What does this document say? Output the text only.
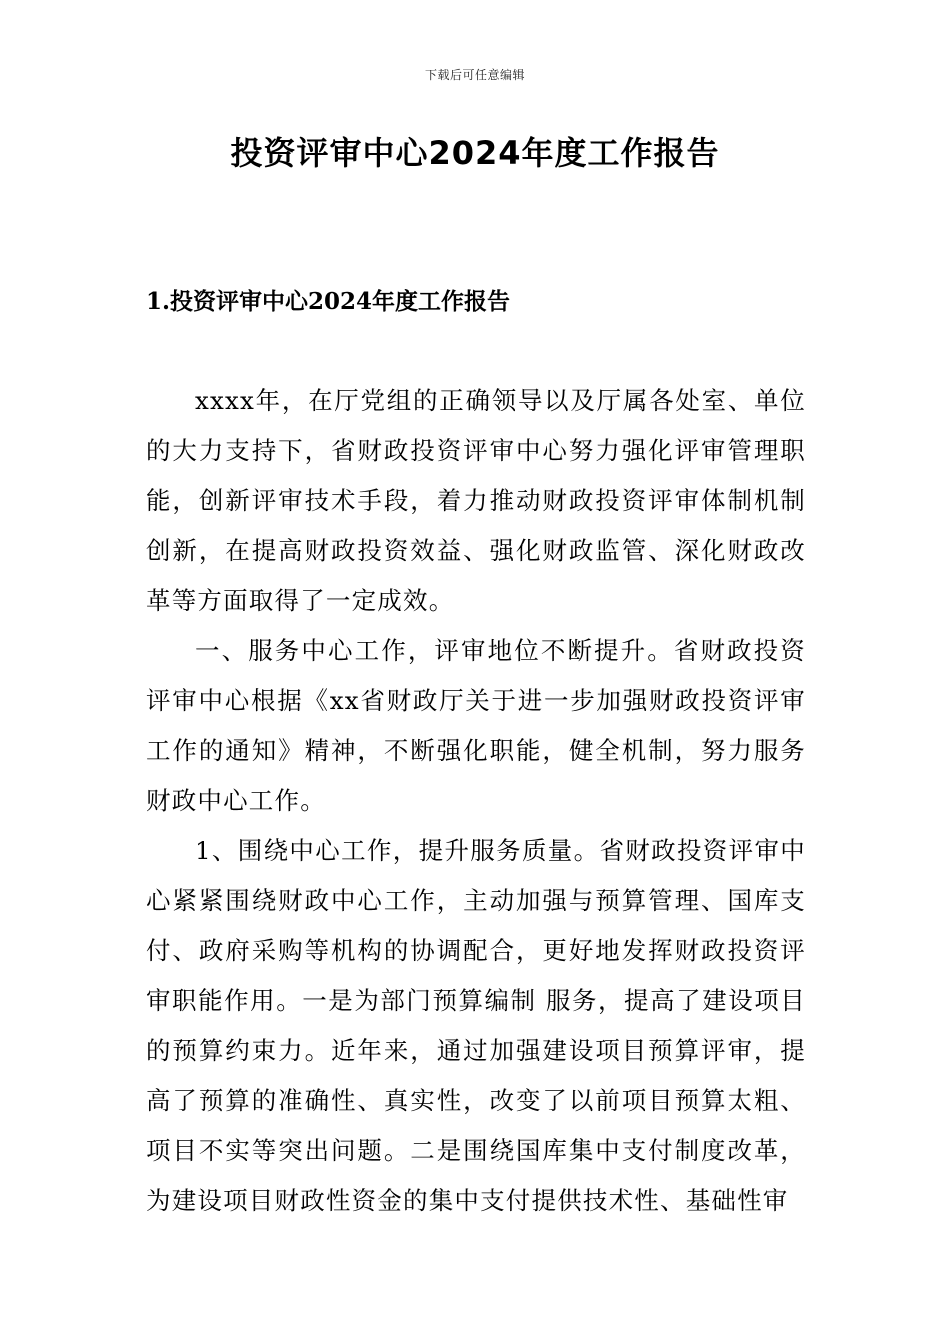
下载后可任意编辑
投资评审中心2024年度工作报告
1.投资评审中心2024年度工作报告

xxxx年，在厅党组的正确领导以及厅属各处室、单位的大力支持下，省财政投资评审中心努力强化评审管理职能，创新评审技术手段，着力推动财政投资评审体制机制创新，在提高财政投资效益、强化财政监管、深化财政改革等方面取得了一定成效。

一、服务中心工作，评审地位不断提升。省财政投资评审中心根据《xx省财政厅关于进一步加强财政投资评审工作的通知》精神，不断强化职能，健全机制，努力服务财政中心工作。

1、围绕中心工作，提升服务质量。省财政投资评审中心紧紧围绕财政中心工作，主动加强与预算管理、国库支付、政府采购等机构的协调配合，更好地发挥财政投资评审职能作用。一是为部门预算编制 服务，提高了建设项目的预算约束力。近年来，通过加强建设项目预算评审，提高了预算的准确性、真实性，改变了以前项目预算太粗、项目不实等突出问题。二是围绕国库集中支付制度改革，为建设项目财政性资金的集中支付提供技术性、基础性审
